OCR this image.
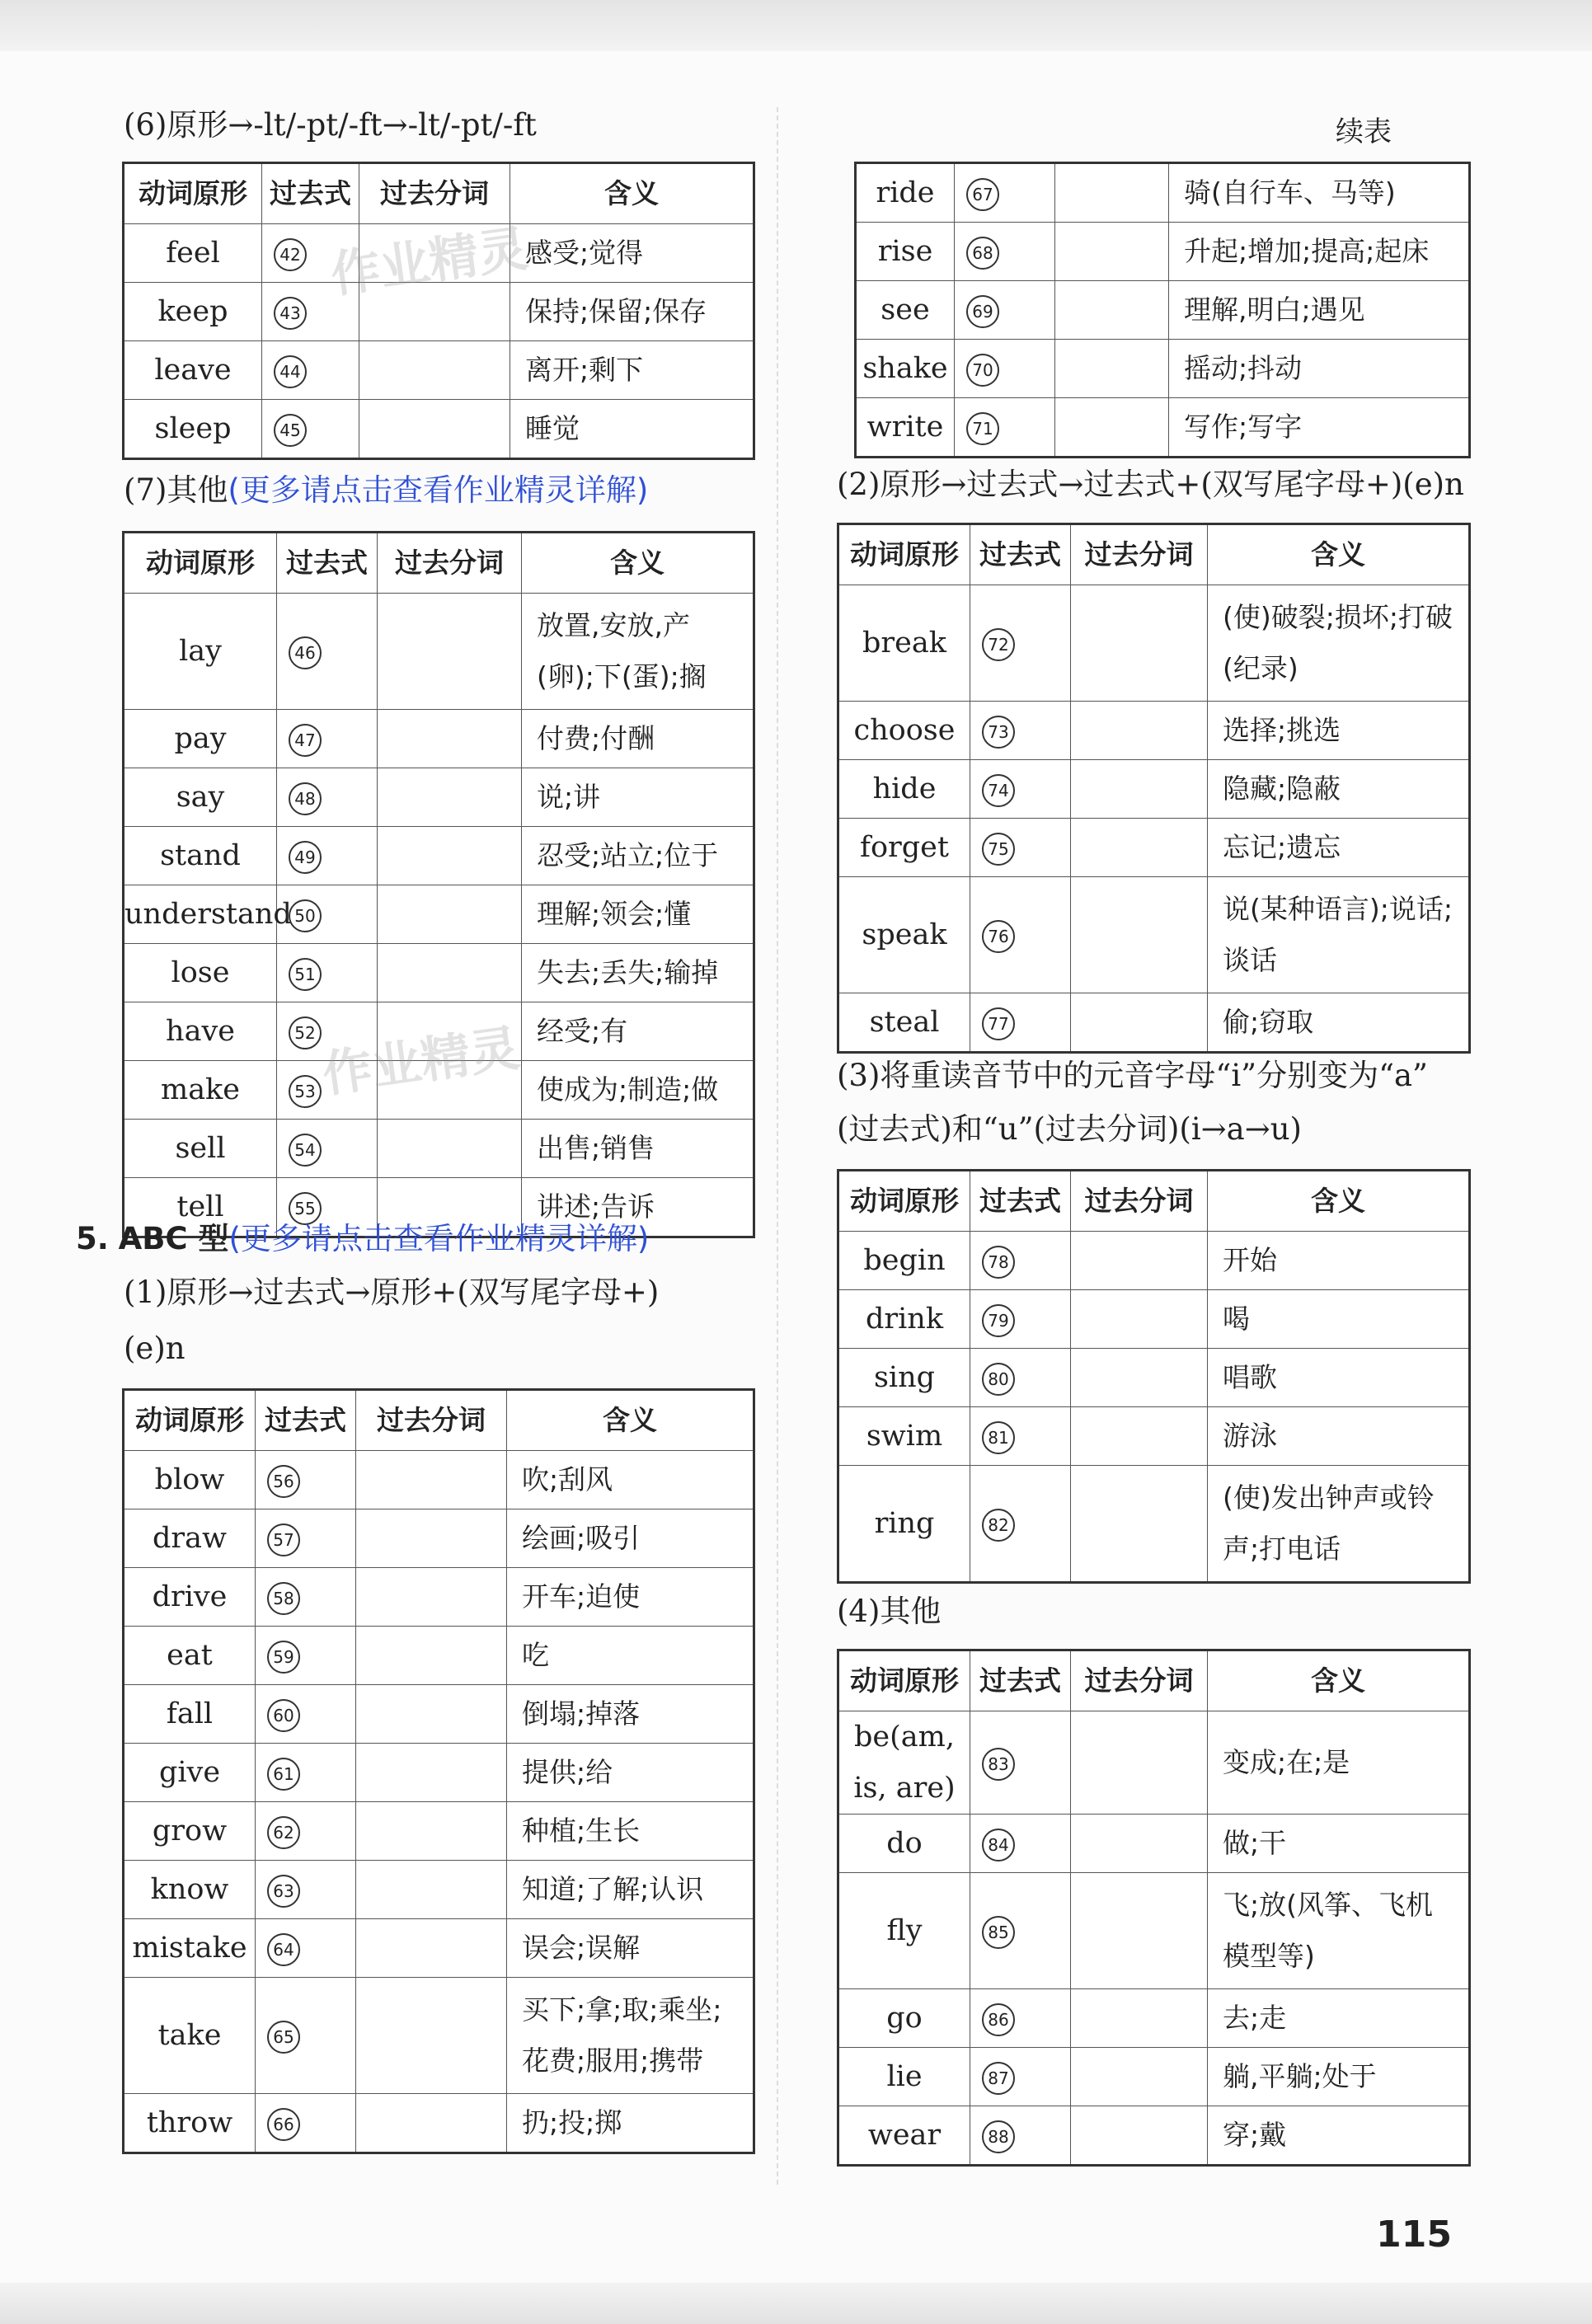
(6)原形→-lt/-pt/-ft→-lt/-pt/-ft
动词原形	过去式	过去分词	含义
feel	42		感受;觉得
keep	43		保持;保留;保存
leave	44		离开;剩下
sleep	45		睡觉
(7)其他(更多请点击查看作业精灵详解)
动词原形	过去式	过去分词	含义
lay	46		放置,安放,产(卵);下(蛋);搁
pay	47		付费;付酬
say	48		说;讲
stand	49		忍受;站立;位于
understand	50		理解;领会;懂
lose	51		失去;丢失;输掉
have	52		经受;有
make	53		使成为;制造;做
sell	54		出售;销售
tell	55		讲述;告诉
5. ABC 型(更多请点击查看作业精灵详解)
(1)原形→过去式→原形+(双写尾字母+)
(e)n
动词原形	过去式	过去分词	含义
blow	56		吹;刮风
draw	57		绘画;吸引
drive	58		开车;迫使
eat	59		吃
fall	60		倒塌;掉落
give	61		提供;给
grow	62		种植;生长
know	63		知道;了解;认识
mistake	64		误会;误解
take	65		买下;拿;取;乘坐;花费;服用;携带
throw	66		扔;投;掷
续表
ride	67		骑(自行车、马等)
rise	68		升起;增加;提高;起床
see	69		理解,明白;遇见
shake	70		摇动;抖动
write	71		写作;写字
(2)原形→过去式→过去式+(双写尾字母+)(e)n
动词原形	过去式	过去分词	含义
break	72		(使)破裂;损坏;打破(纪录)
choose	73		选择;挑选
hide	74		隐藏;隐蔽
forget	75		忘记;遗忘
speak	76		说(某种语言);说话;谈话
steal	77		偷;窃取
(3)将重读音节中的元音字母“i”分别变为“a”
(过去式)和“u”(过去分词)(i→a→u)
动词原形	过去式	过去分词	含义
begin	78		开始
drink	79		喝
sing	80		唱歌
swim	81		游泳
ring	82		(使)发出钟声或铃声;打电话
(4)其他
动词原形	过去式	过去分词	含义
be(am, is, are)	83		变成;在;是
do	84		做;干
fly	85		飞;放(风筝、飞机模型等)
go	86		去;走
lie	87		躺,平躺;处于
wear	88		穿;戴
作业精灵
作业精灵
115
